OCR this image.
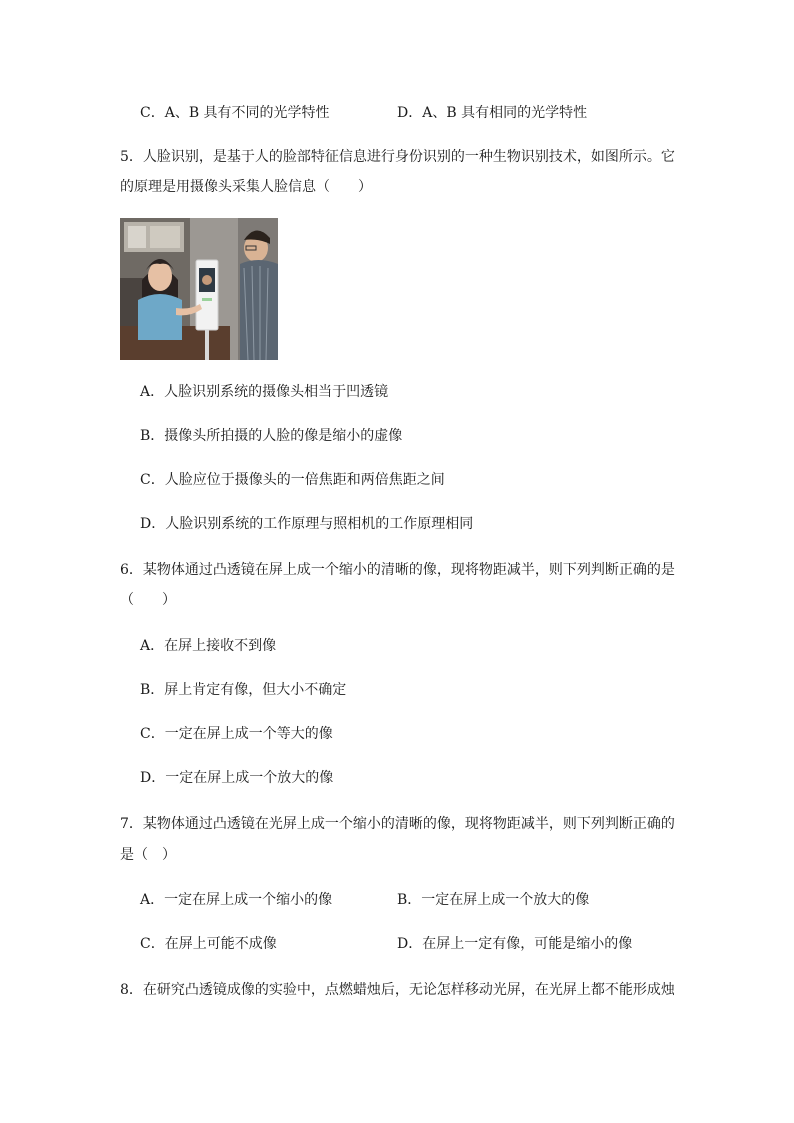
C．A、B 具有不同的光学特性	D．A、B 具有相同的光学特性
5．人脸识别，是基于人的脸部特征信息进行身份识别的一种生物识别技术，如图所示。它
的原理是用摄像头采集人脸信息（　　）
A．人脸识别系统的摄像头相当于凹透镜
B．摄像头所拍摄的人脸的像是缩小的虚像
C．人脸应位于摄像头的一倍焦距和两倍焦距之间
D．人脸识别系统的工作原理与照相机的工作原理相同
6．某物体通过凸透镜在屏上成一个缩小的清晰的像，现将物距减半，则下列判断正确的是
（　　）
A．在屏上接收不到像
B．屏上肯定有像，但大小不确定
C．一定在屏上成一个等大的像
D．一定在屏上成一个放大的像
7．某物体通过凸透镜在光屏上成一个缩小的清晰的像，现将物距减半，则下列判断正确的
是（　）
A．一定在屏上成一个缩小的像	B．一定在屏上成一个放大的像
C．在屏上可能不成像	D．在屏上一定有像，可能是缩小的像
8．在研究凸透镜成像的实验中，点燃蜡烛后，无论怎样移动光屏，在光屏上都不能形成烛
